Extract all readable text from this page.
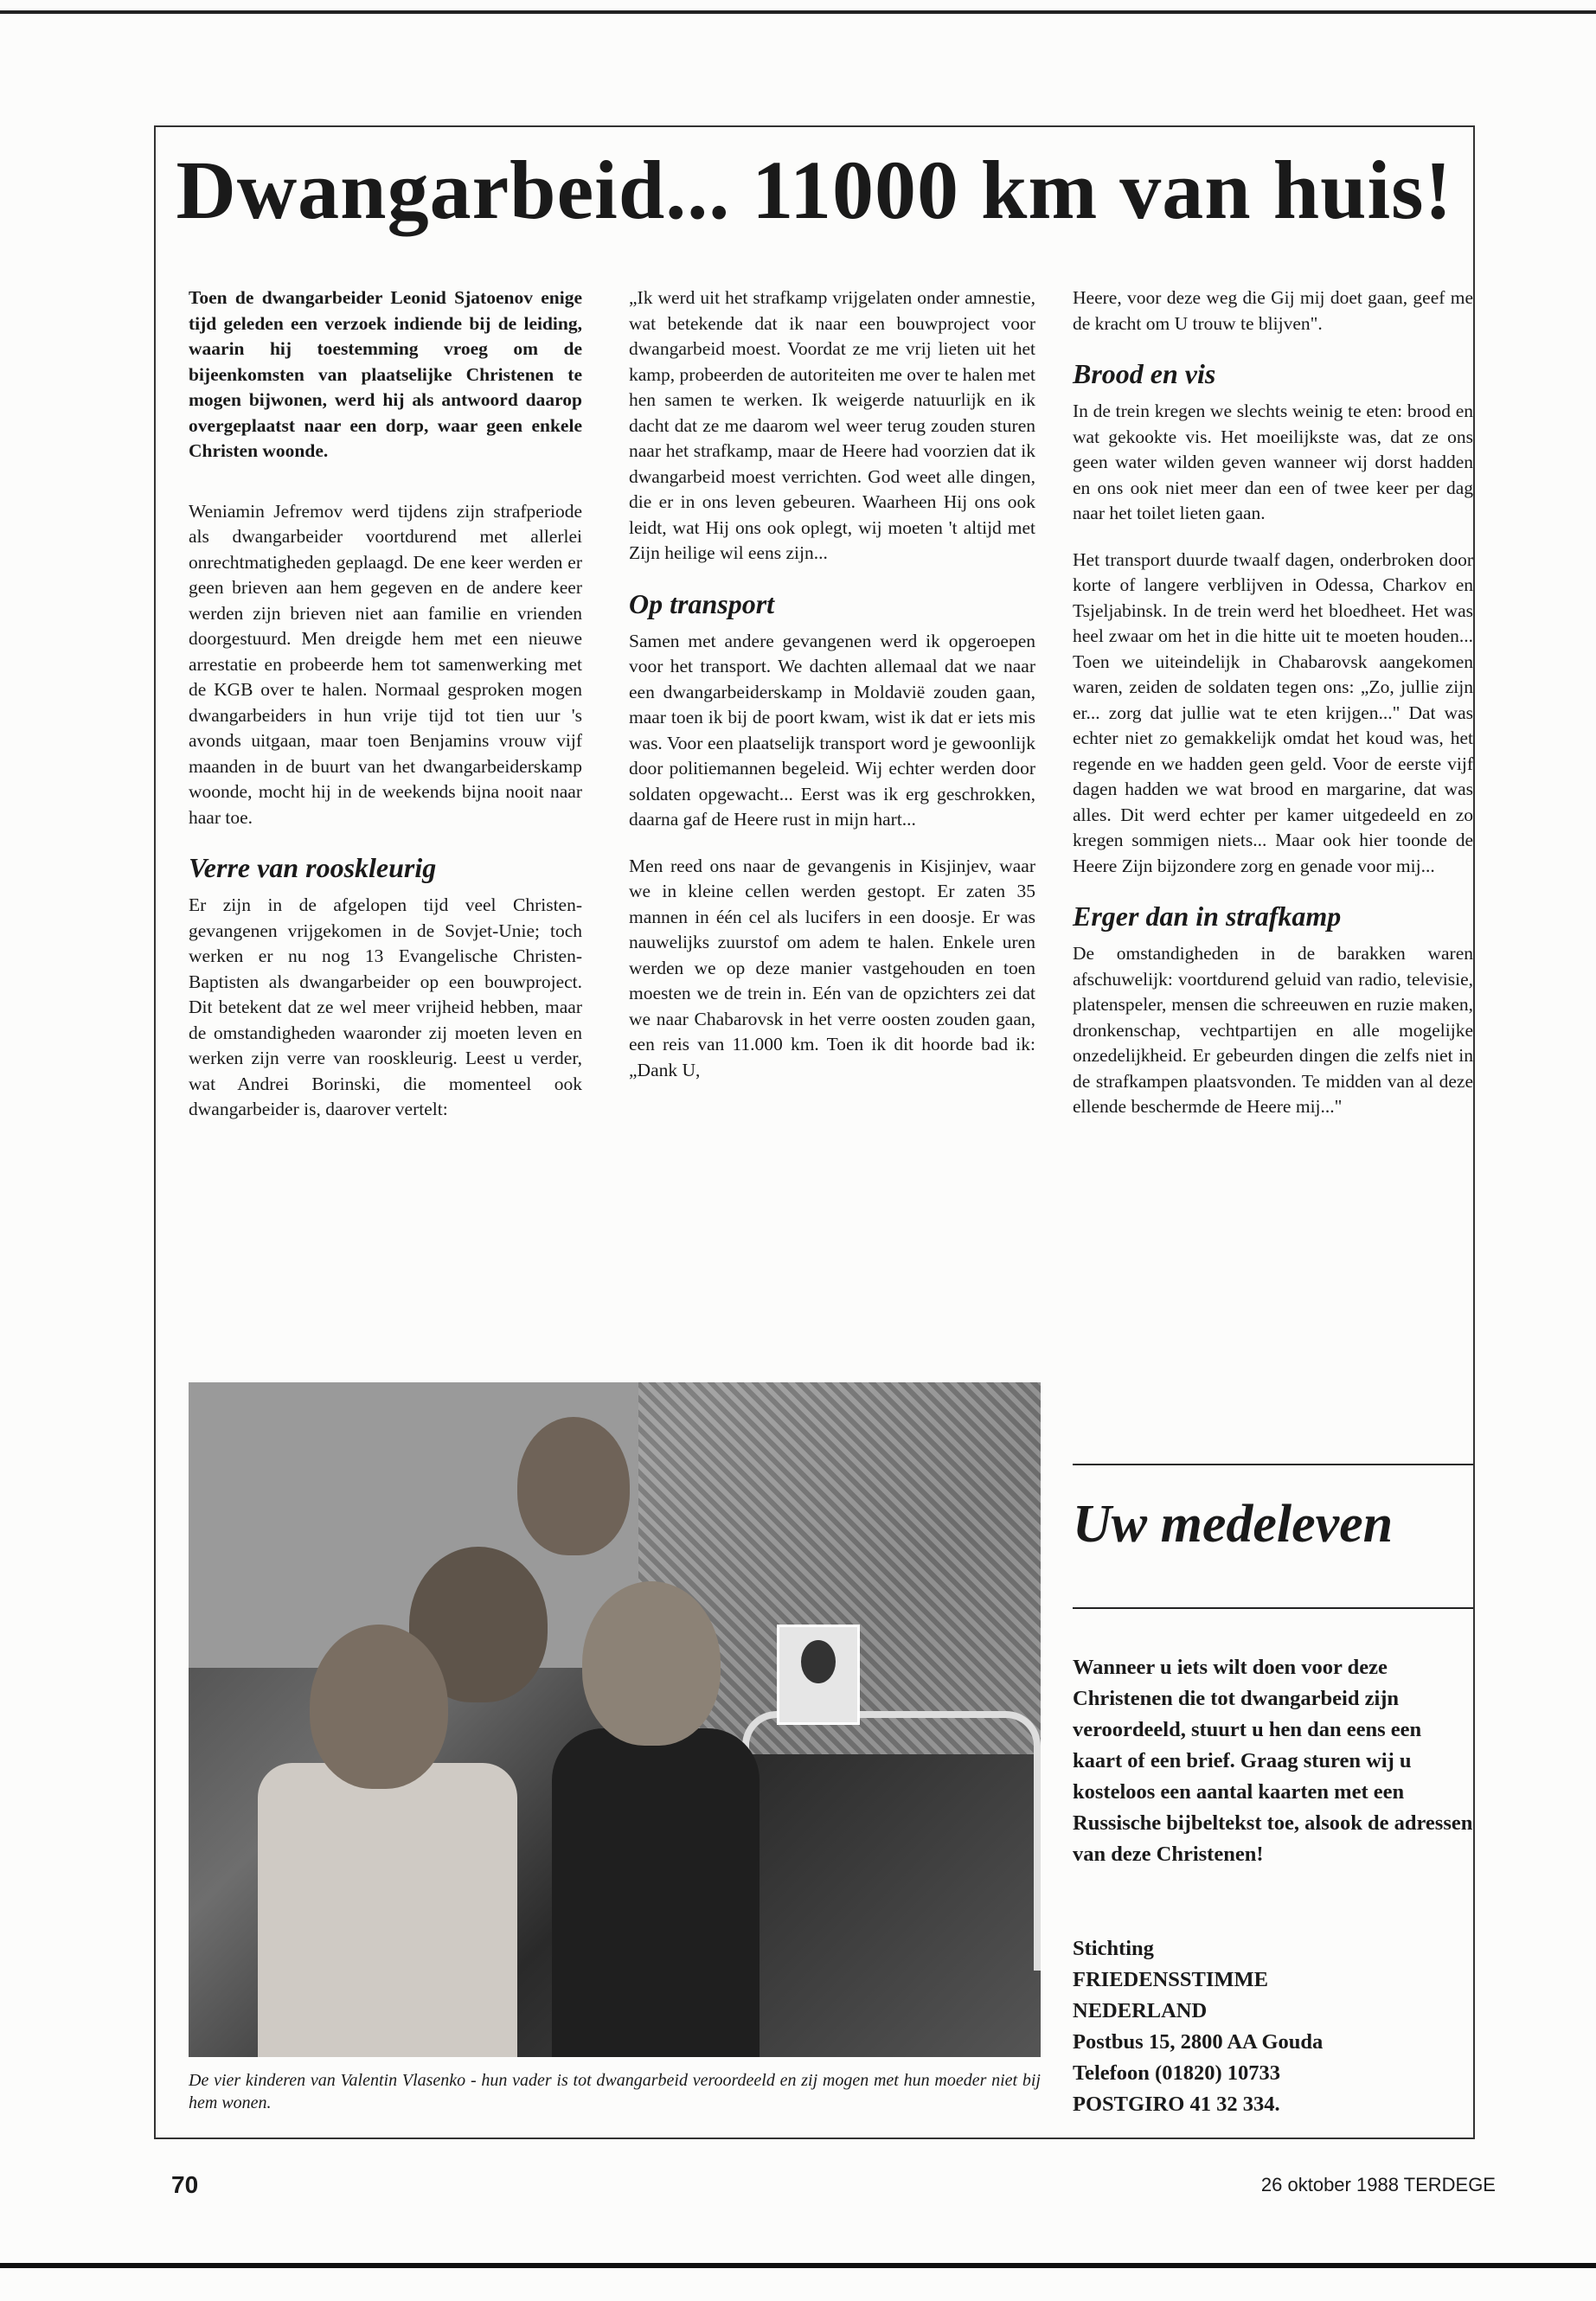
Dwangarbeid... 11000 km van huis!

Toen de dwangarbeider Leonid Sjatoenov enige tijd geleden een verzoek indiende bij de leiding, waarin hij toestemming vroeg om de bijeenkomsten van plaatselijke Christenen te mogen bijwonen, werd hij als antwoord daarop overgeplaatst naar een dorp, waar geen enkele Christen woonde.

Weniamin Jefremov werd tijdens zijn strafperiode als dwangarbeider voortdurend met allerlei onrechtmatigheden geplaagd. De ene keer werden er geen brieven aan hem gegeven en de andere keer werden zijn brieven niet aan familie en vrienden doorgestuurd. Men dreigde hem met een nieuwe arrestatie en probeerde hem tot samenwerking met de KGB over te halen. Normaal gesproken mogen dwangarbeiders in hun vrije tijd tot tien uur 's avonds uitgaan, maar toen Benjamins vrouw vijf maanden in de buurt van het dwangarbeiderskamp woonde, mocht hij in de weekends bijna nooit naar haar toe.

Verre van rooskleurig

Er zijn in de afgelopen tijd veel Christen-gevangenen vrijgekomen in de Sovjet-Unie; toch werken er nu nog 13 Evangelische Christen-Baptisten als dwangarbeider op een bouwproject. Dit betekent dat ze wel meer vrijheid hebben, maar de omstandigheden waaronder zij moeten leven en werken zijn verre van rooskleurig. Leest u verder, wat Andrei Borinski, die momenteel ook dwangarbeider is, daarover vertelt:

„Ik werd uit het strafkamp vrijgelaten onder amnestie, wat betekende dat ik naar een bouwproject voor dwangarbeid moest. Voordat ze me vrij lieten uit het kamp, probeerden de autoriteiten me over te halen met hen samen te werken. Ik weigerde natuurlijk en ik dacht dat ze me daarom wel weer terug zouden sturen naar het strafkamp, maar de Heere had voorzien dat ik dwangarbeid moest verrichten. God weet alle dingen, die er in ons leven gebeuren. Waarheen Hij ons ook leidt, wat Hij ons ook oplegt, wij moeten 't altijd met Zijn heilige wil eens zijn...

Op transport

Samen met andere gevangenen werd ik opgeroepen voor het transport. We dachten allemaal dat we naar een dwangarbeiderskamp in Moldavië zouden gaan, maar toen ik bij de poort kwam, wist ik dat er iets mis was. Voor een plaatselijk transport word je gewoonlijk door politiemannen begeleid. Wij echter werden door soldaten opgewacht... Eerst was ik erg geschrokken, daarna gaf de Heere rust in mijn hart...

Men reed ons naar de gevangenis in Kisjinjev, waar we in kleine cellen werden gestopt. Er zaten 35 mannen in één cel als lucifers in een doosje. Er was nauwelijks zuurstof om adem te halen. Enkele uren werden we op deze manier vastgehouden en toen moesten we de trein in. Eén van de opzichters zei dat we naar Chabarovsk in het verre oosten zouden gaan, een reis van 11.000 km. Toen ik dit hoorde bad ik: „Dank U,

Heere, voor deze weg die Gij mij doet gaan, geef me de kracht om U trouw te blijven".

Brood en vis

In de trein kregen we slechts weinig te eten: brood en wat gekookte vis. Het moeilijkste was, dat ze ons geen water wilden geven wanneer wij dorst hadden en ons ook niet meer dan een of twee keer per dag naar het toilet lieten gaan.

Het transport duurde twaalf dagen, onderbroken door korte of langere verblijven in Odessa, Charkov en Tsjeljabinsk. In de trein werd het bloedheet. Het was heel zwaar om het in die hitte uit te moeten houden... Toen we uiteindelijk in Chabarovsk aangekomen waren, zeiden de soldaten tegen ons: „Zo, jullie zijn er... zorg dat jullie wat te eten krijgen..." Dat was echter niet zo gemakkelijk omdat het koud was, het regende en we hadden geen geld. Voor de eerste vijf dagen hadden we wat brood en margarine, dat was alles. Dit werd echter per kamer uitgedeeld en zo kregen sommigen niets... Maar ook hier toonde de Heere Zijn bijzondere zorg en genade voor mij...

Erger dan in strafkamp

De omstandigheden in de barakken waren afschuwelijk: voortdurend geluid van radio, televisie, platenspeler, mensen die schreeuwen en ruzie maken, dronkenschap, vechtpartijen en alle mogelijke onzedelijkheid. Er gebeurden dingen die zelfs niet in de strafkampen plaatsvonden. Te midden van al deze ellende beschermde de Heere mij..."

De vier kinderen van Valentin Vlasenko - hun vader is tot dwangarbeid veroordeeld en zij mogen met hun moeder niet bij hem wonen.
Uw medeleven
Wanneer u iets wilt doen voor deze Christenen die tot dwangarbeid zijn veroordeeld, stuurt u hen dan eens een kaart of een brief. Graag sturen wij u kosteloos een aantal kaarten met een Russische bijbeltekst toe, alsook de adressen van deze Christenen!
Stichting
FRIEDENSSTIMME
NEDERLAND
Postbus 15, 2800 AA Gouda
Telefoon (01820) 10733
POSTGIRO 41 32 334.
70	26 oktober 1988 TERDEGE
